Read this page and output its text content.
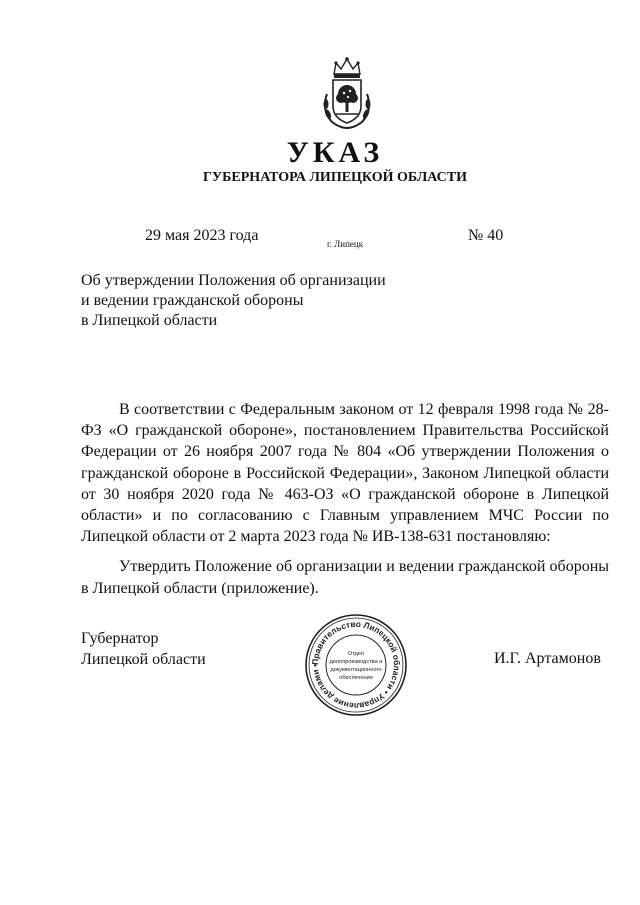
УКАЗ
ГУБЕРНАТОРА ЛИПЕЦКОЙ ОБЛАСТИ
29 мая 2023 года	г. Липецк	№ 40
Об утверждении Положения об организации
и ведении гражданской обороны
в Липецкой области

В соответствии с Федеральным законом от 12 февраля 1998 года № 28-ФЗ «О гражданской обороне», постановлением Правительства Российской Федерации от 26 ноября 2007 года № 804 «Об утверждении Положения о гражданской обороне в Российской Федерации», Законом Липецкой области от 30 ноября 2020 года № 463-ОЗ «О гражданской обороне в Липецкой области» и по согласованию с Главным управлением МЧС России по Липецкой области от 2 марта 2023 года № ИВ-138-631 постановляю:

Утвердить Положение об организации и ведении гражданской обороны в Липецкой области (приложение).

Губернатор
Липецкой области	Правительство Липецкой области • Управление делами •
Отдел
делопроизводства и
документационного
обеспечения
И.Г. Артамонов
